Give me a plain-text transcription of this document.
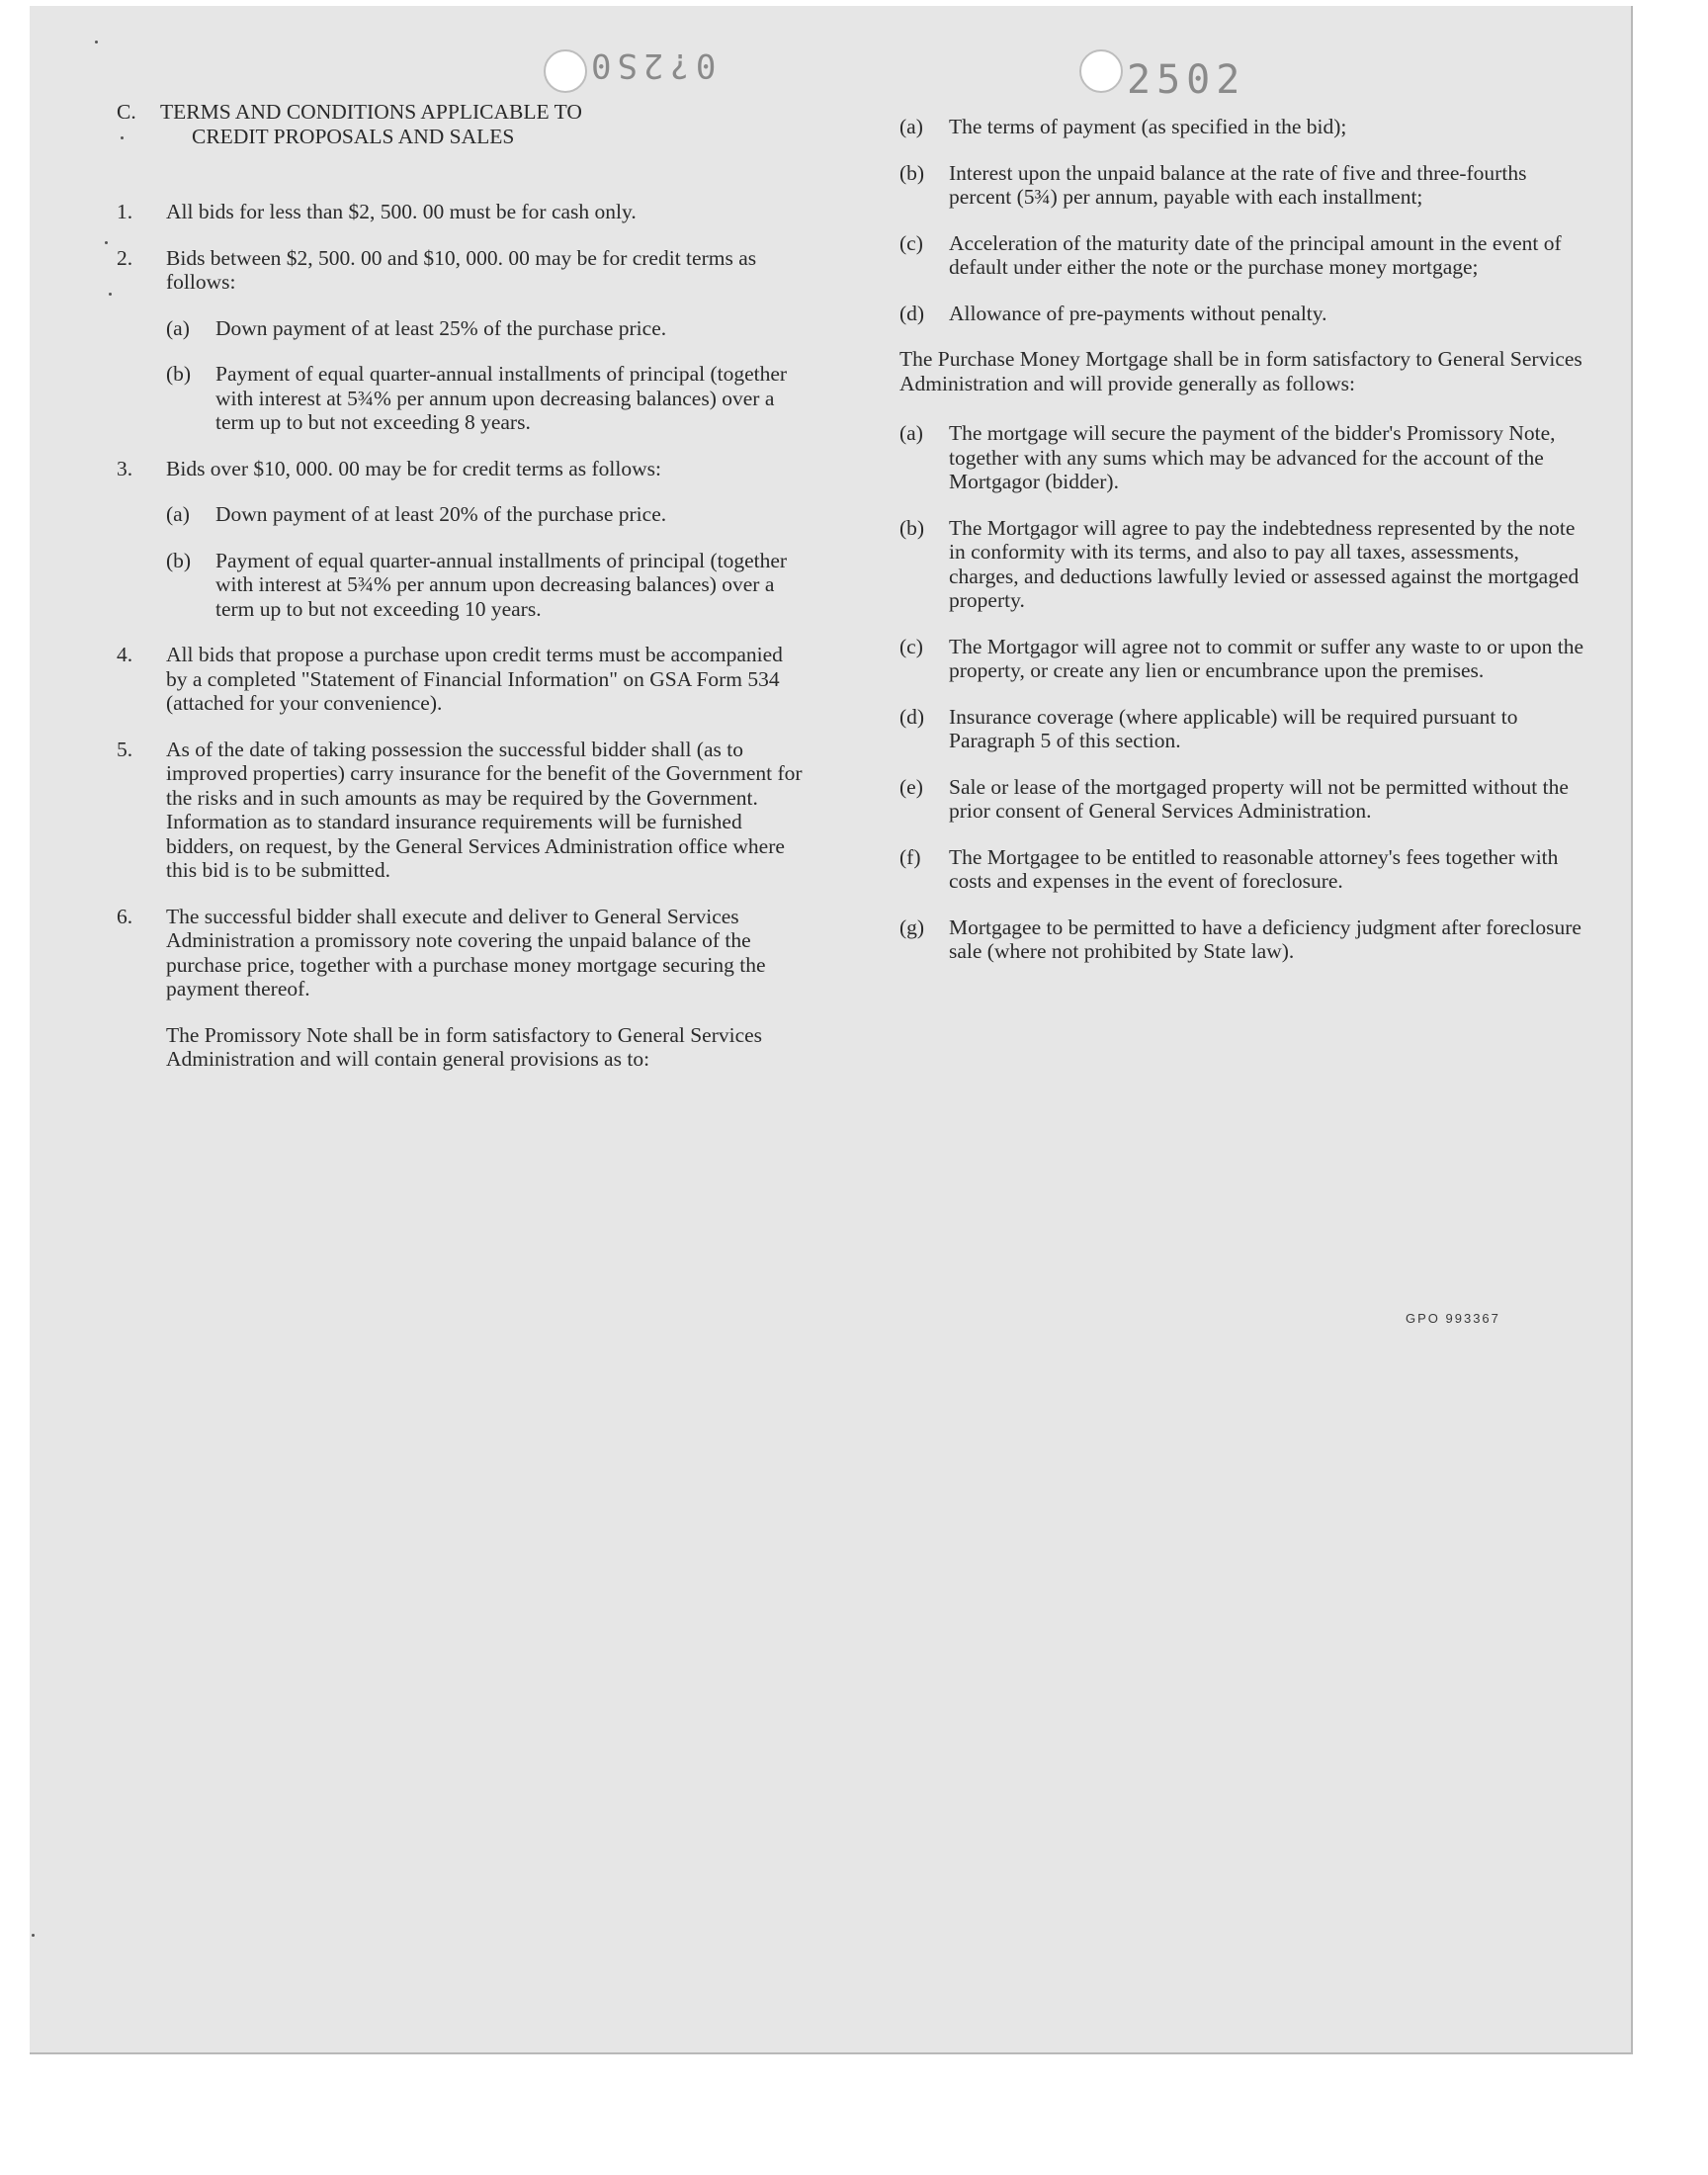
0?2S0	2502
C. TERMS AND CONDITIONS APPLICABLE TO
CREDIT PROPOSALS AND SALES
1.	All bids for less than $2, 500. 00 must be for cash only.
2.	Bids between $2, 500. 00 and $10, 000. 00 may be for credit terms as follows:
(a)	Down payment of at least 25% of the purchase price.
(b)	Payment of equal quarter-annual installments of principal (together with interest at 5¾% per annum upon decreasing balances) over a term up to but not exceeding 8 years.
3.	Bids over $10, 000. 00 may be for credit terms as follows:
(a)	Down payment of at least 20% of the purchase price.
(b)	Payment of equal quarter-annual installments of principal (together with interest at 5¾% per annum upon decreasing balances) over a term up to but not exceeding 10 years.
4.	All bids that propose a purchase upon credit terms must be accompanied by a completed "Statement of Financial Information" on GSA Form 534 (attached for your convenience).
5.	As of the date of taking possession the successful bidder shall (as to improved properties) carry insurance for the benefit of the Government for the risks and in such amounts as may be required by the Government. Information as to standard insurance requirements will be furnished bidders, on request, by the General Services Administration office where this bid is to be submitted.
6.	The successful bidder shall execute and deliver to General Services Administration a promissory note covering the unpaid balance of the purchase price, together with a purchase money mortgage securing the payment thereof.
The Promissory Note shall be in form satisfactory to General Services Administration and will contain general provisions as to:
(a)	The terms of payment (as specified in the bid);
(b)	Interest upon the unpaid balance at the rate of five and three-fourths percent (5¾) per annum, payable with each installment;
(c)	Acceleration of the maturity date of the principal amount in the event of default under either the note or the purchase money mortgage;
(d)	Allowance of pre-payments without penalty.
The Purchase Money Mortgage shall be in form satisfactory to General Services Administration and will provide generally as follows:
(a)	The mortgage will secure the payment of the bidder's Promissory Note, together with any sums which may be advanced for the account of the Mortgagor (bidder).
(b)	The Mortgagor will agree to pay the indebtedness represented by the note in conformity with its terms, and also to pay all taxes, assessments, charges, and deductions lawfully levied or assessed against the mortgaged property.
(c)	The Mortgagor will agree not to commit or suffer any waste to or upon the property, or create any lien or encumbrance upon the premises.
(d)	Insurance coverage (where applicable) will be required pursuant to Paragraph 5 of this section.
(e)	Sale or lease of the mortgaged property will not be permitted without the prior consent of General Services Administration.
(f)	The Mortgagee to be entitled to reasonable attorney's fees together with costs and expenses in the event of foreclosure.
(g)	Mortgagee to be permitted to have a deficiency judgment after foreclosure sale (where not prohibited by State law).
GPO 993367
